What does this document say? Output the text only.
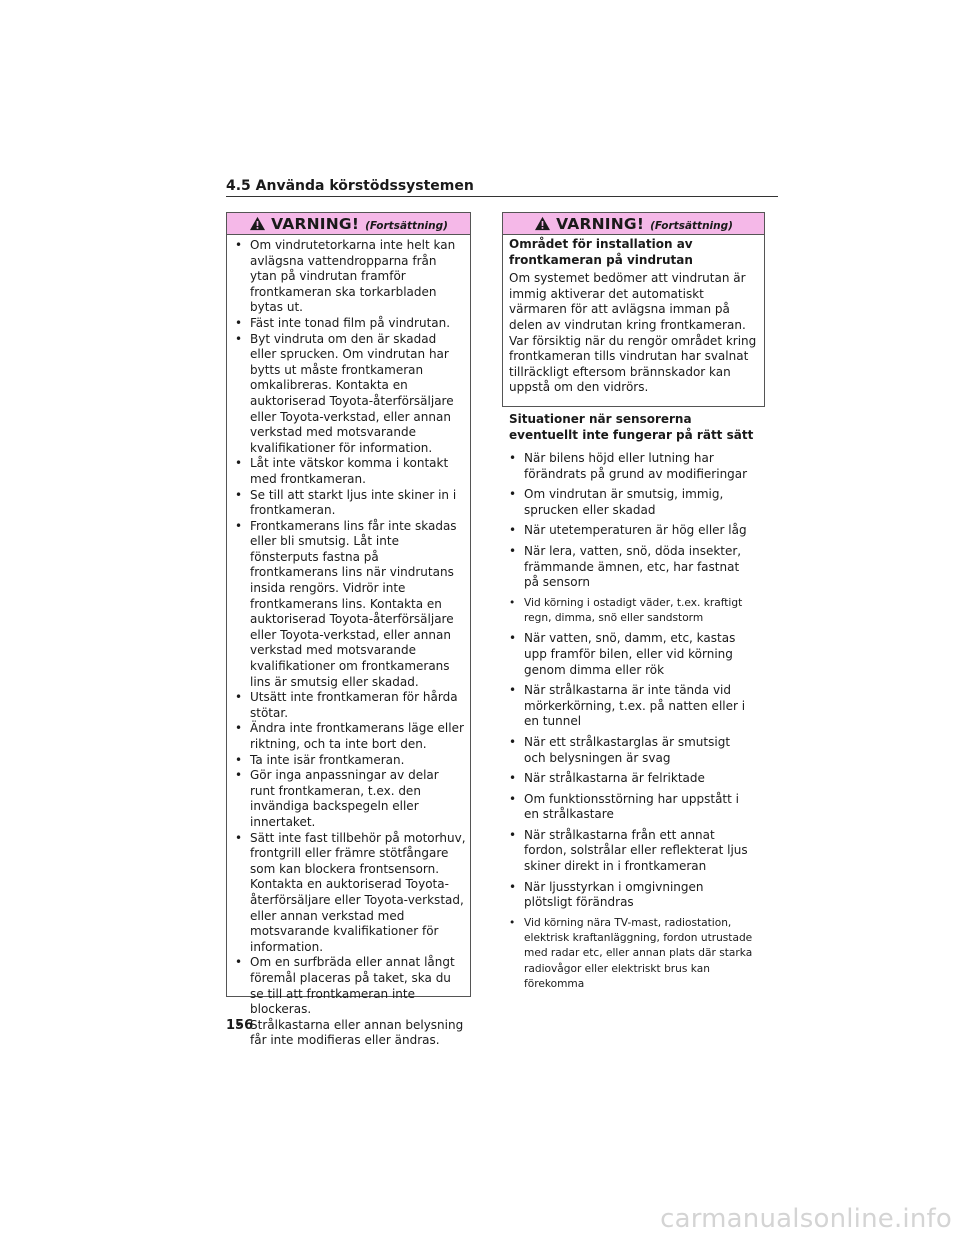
4.5 Använda körstödssystemen
VARNING! (Fortsättning)
• Om vindrutetorkarna inte helt kan avlägsna vattendropparna från ytan på vindrutan framför frontkameran ska torkarbladen bytas ut.
• Fäst inte tonad film på vindrutan.
• Byt vindruta om den är skadad eller sprucken. Om vindrutan har bytts ut måste frontkameran omkalibreras. Kontakta en auktoriserad Toyota-återförsäljare eller Toyota-verkstad, eller annan verkstad med motsvarande kvalifikationer för information.
• Låt inte vätskor komma i kontakt med frontkameran.
• Se till att starkt ljus inte skiner in i frontkameran.
• Frontkamerans lins får inte skadas eller bli smutsig. Låt inte fönsterputs fastna på frontkamerans lins när vindrutans insida rengörs. Vidrör inte frontkamerans lins. Kontakta en auktoriserad Toyota-återförsäljare eller Toyota-verkstad, eller annan verkstad med motsvarande kvalifikationer om frontkamerans lins är smutsig eller skadad.
• Utsätt inte frontkameran för hårda stötar.
• Ändra inte frontkamerans läge eller riktning, och ta inte bort den.
• Ta inte isär frontkameran.
• Gör inga anpassningar av delar runt frontkameran, t.ex. den invändiga backspegeln eller innertaket.
• Sätt inte fast tillbehör på motorhuv, frontgrill eller främre stötfångare som kan blockera frontsensorn. Kontakta en auktoriserad Toyota-återförsäljare eller Toyota-verkstad, eller annan verkstad med motsvarande kvalifikationer för information.
• Om en surfbräda eller annat långt föremål placeras på taket, ska du se till att frontkameran inte blockeras.
• Strålkastarna eller annan belysning får inte modifieras eller ändras.
VARNING! (Fortsättning)
Området för installation av frontkameran på vindrutan
Om systemet bedömer att vindrutan är immig aktiverar det automatiskt värmaren för att avlägsna imman på delen av vindrutan kring frontkameran. Var försiktig när du rengör området kring frontkameran tills vindrutan har svalnat tillräckligt eftersom brännskador kan uppstå om den vidrörs.
Situationer när sensorerna eventuellt inte fungerar på rätt sätt
• När bilens höjd eller lutning har förändrats på grund av modifieringar
• Om vindrutan är smutsig, immig, sprucken eller skadad
• När utetemperaturen är hög eller låg
• När lera, vatten, snö, döda insekter, främmande ämnen, etc, har fastnat på sensorn
• Vid körning i ostadigt väder, t.ex. kraftigt regn, dimma, snö eller sandstorm
• När vatten, snö, damm, etc, kastas upp framför bilen, eller vid körning genom dimma eller rök
• När strålkastarna är inte tända vid mörkerkörning, t.ex. på natten eller i en tunnel
• När ett strålkastarglas är smutsigt och belysningen är svag
• När strålkastarna är felriktade
• Om funktionsstörning har uppstått i en strålkastare
• När strålkastarna från ett annat fordon, solstrålar eller reflekterat ljus skiner direkt in i frontkameran
• När ljusstyrkan i omgivningen plötsligt förändras
• Vid körning nära TV-mast, radiostation, elektrisk kraftanläggning, fordon utrustade med radar etc, eller annan plats där starka radiovågor eller elektriskt brus kan förekomma
156
carmanualsonline.info
